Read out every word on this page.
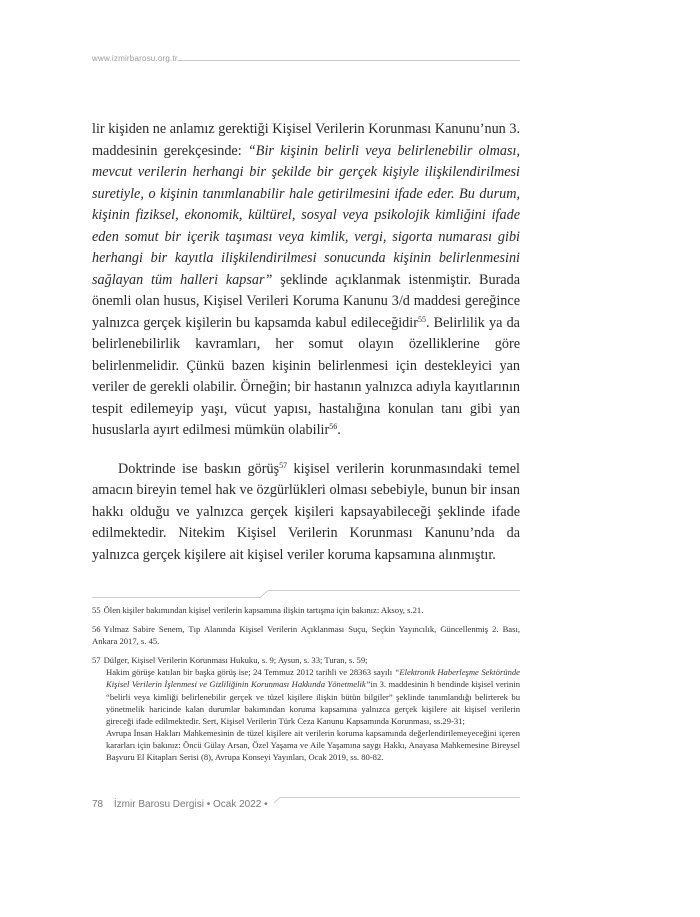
www.izmirbarosu.org.tr

lir kişiden ne anlamız gerektiği Kişisel Verilerin Korunması Kanunu’nun 3. maddesinin gerekçesinde: “Bir kişinin belirli veya belirlenebilir olması, mevcut verilerin herhangi bir şekilde bir gerçek kişiyle ilişkilendirilmesi suretiyle, o kişinin tanımlanabilir hale getirilmesini ifade eder. Bu durum, kişinin fiziksel, ekonomik, kültürel, sosyal veya psikolojik kimliğini ifade eden somut bir içerik taşıması veya kimlik, vergi, sigorta numarası gibi herhangi bir kayıtla ilişkilendirilmesi sonucunda kişinin belirlenmesini sağlayan tüm halleri kapsar” şeklinde açıklanmak istenmiştir. Burada önemli olan husus, Kişisel Verileri Koruma Kanunu 3/d maddesi gereğince yalnızca gerçek kişilerin bu kapsamda kabul edileceğidir$^{55}$. Belirlilik ya da belirlenebilirlik kavramları, her somut olayın özelliklerine göre belirlenmelidir. Çünkü bazen kişinin belirlenmesi için destekleyici yan veriler de gerekli olabilir. Örneğin; bir hastanın yalnızca adıyla kayıtlarının tespit edilemeyip yaşı, vücut yapısı, hastalığına konulan tanı gibi yan hususlarla ayırt edilmesi mümkün olabilir$^{56}$.

Doktrinde ise baskın görüş$^{57}$ kişisel verilerin korunmasındaki temel amacın bireyin temel hak ve özgürlükleri olması sebebiyle, bunun bir insan hakkı olduğu ve yalnızca gerçek kişileri kapsayabileceği şeklinde ifade edilmektedir. Nitekim Kişisel Verilerin Korunması Kanunu’nda da yalnızca gerçek kişilere ait kişisel veriler koruma kapsamına alınmıştır.

55 Ölen kişiler bakımından kişisel verilerin kapsamına ilişkin tartışma için bakınız: Aksoy, s.21.
56 Yılmaz Sabire Senem, Tıp Alanında Kişisel Verilerin Açıklanması Suçu, Seçkin Yayıncılık, Güncellenmiş 2. Bası, Ankara 2017, s. 45.
57 Dülger, Kişisel Verilerin Korunması Hukuku, s. 9; Aysun, s. 33; Turan, s. 59;
Hakim görüşe katılan bir başka görüş ise; 24 Temmuz 2012 tarihli ve 28363 sayılı “Elektronik Haberleşme Sektöründe Kişisel Verilerin İşlenmesi ve Gizliliğinin Korunması Hakkında Yönetmelik”in 3. maddesinin h bendinde kişisel verinin “belirli veya kimliği belirlenebilir gerçek ve tüzel kişilere ilişkin bütün bilgiler” şeklinde tanımlandığı belirterek bu yönetmelik haricinde kalan durumlar bakımından koruma kapsamına yalnızca gerçek kişilere ait kişisel verilerin gireceği ifade edilmektedir. Sert, Kişisel Verilerin Türk Ceza Kanunu Kapsamında Korunması, ss.29-31;
Avrupa İnsan Hakları Mahkemesinin de tüzel kişilere ait verilerin koruma kapsamında değerlendirilemeyeceğini içeren kararları için bakınız: Öncü Gülay Arsan, Özel Yaşama ve Aile Yaşamına saygı Hakkı, Anayasa Mahkemesine Bireysel Başvuru El Kitapları Serisi (8), Avrupa Konseyi Yayınları, Ocak 2019, ss. 80-82.
78 İzmir Barosu Dergisi • Ocak 2022 •
